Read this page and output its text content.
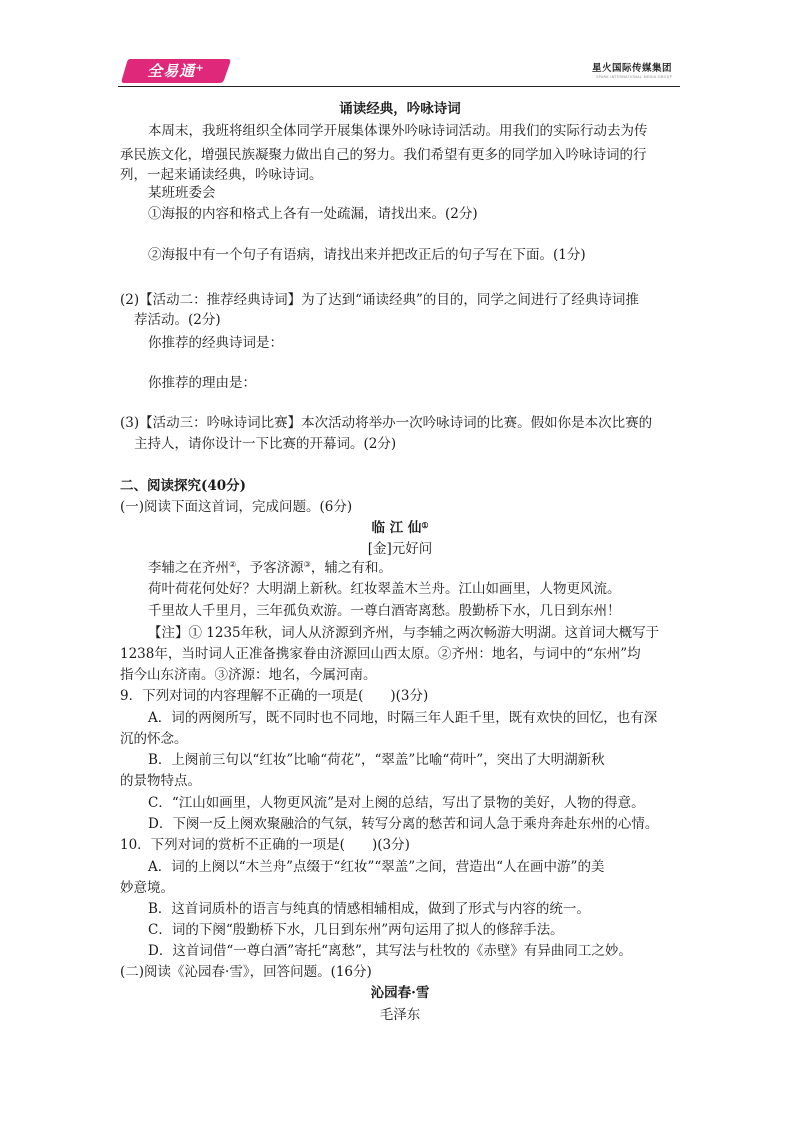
全易通+	星火国际传媒集团
SPARK INTERNATIONAL MEDIA GROUP
诵读经典，吟咏诗词
本周末，我班将组织全体同学开展集体课外吟咏诗词活动。用我们的实际行动去为传
承民族文化，增强民族凝聚力做出自己的努力。我们希望有更多的同学加入吟咏诗词的行
列，一起来诵读经典，吟咏诗词。
某班班委会
①海报的内容和格式上各有一处疏漏，请找出来。(2分)
②海报中有一个句子有语病，请找出来并把改正后的句子写在下面。(1分)
(2)【活动二：推荐经典诗词】为了达到“诵读经典”的目的，同学之间进行了经典诗词推
荐活动。(2分)
你推荐的经典诗词是：
你推荐的理由是：
(3)【活动三：吟咏诗词比赛】本次活动将举办一次吟咏诗词的比赛。假如你是本次比赛的
主持人，请你设计一下比赛的开幕词。(2分)
二、阅读探究(40分)
(一)阅读下面这首词，完成问题。(6分)
临 江 仙①
[金]元好问
李辅之在齐州②，予客济源③，辅之有和。
荷叶荷花何处好？大明湖上新秋。红妆翠盖木兰舟。江山如画里，人物更风流。
千里故人千里月，三年孤负欢游。一尊白酒寄离愁。殷勤桥下水，几日到东州！
【注】① 1235年秋，词人从济源到齐州，与李辅之两次畅游大明湖。这首词大概写于
1238年，当时词人正准备携家眷由济源回山西太原。②齐州：地名，与词中的“东州”均
指今山东济南。③济源：地名，今属河南。
9．下列对词的内容理解不正确的一项是(　　)(3分)
A．词的两阕所写，既不同时也不同地，时隔三年人距千里，既有欢快的回忆，也有深
沉的怀念。
B．上阕前三句以“红妆”比喻“荷花”，“翠盖”比喻“荷叶”，突出了大明湖新秋
的景物特点。
C．“江山如画里，人物更风流”是对上阕的总结，写出了景物的美好，人物的得意。
D．下阕一反上阕欢聚融洽的气氛，转写分离的愁苦和词人急于乘舟奔赴东州的心情。
10．下列对词的赏析不正确的一项是(　　)(3分)
A．词的上阕以“木兰舟”点缀于“红妆”“翠盖”之间，营造出“人在画中游”的美
妙意境。
B．这首词质朴的语言与纯真的情感相辅相成，做到了形式与内容的统一。
C．词的下阕“殷勤桥下水，几日到东州”两句运用了拟人的修辞手法。
D．这首词借“一尊白酒”寄托“离愁”，其写法与杜牧的《赤壁》有异曲同工之妙。
(二)阅读《沁园春·雪》，回答问题。(16分)
沁园春·雪
毛泽东
